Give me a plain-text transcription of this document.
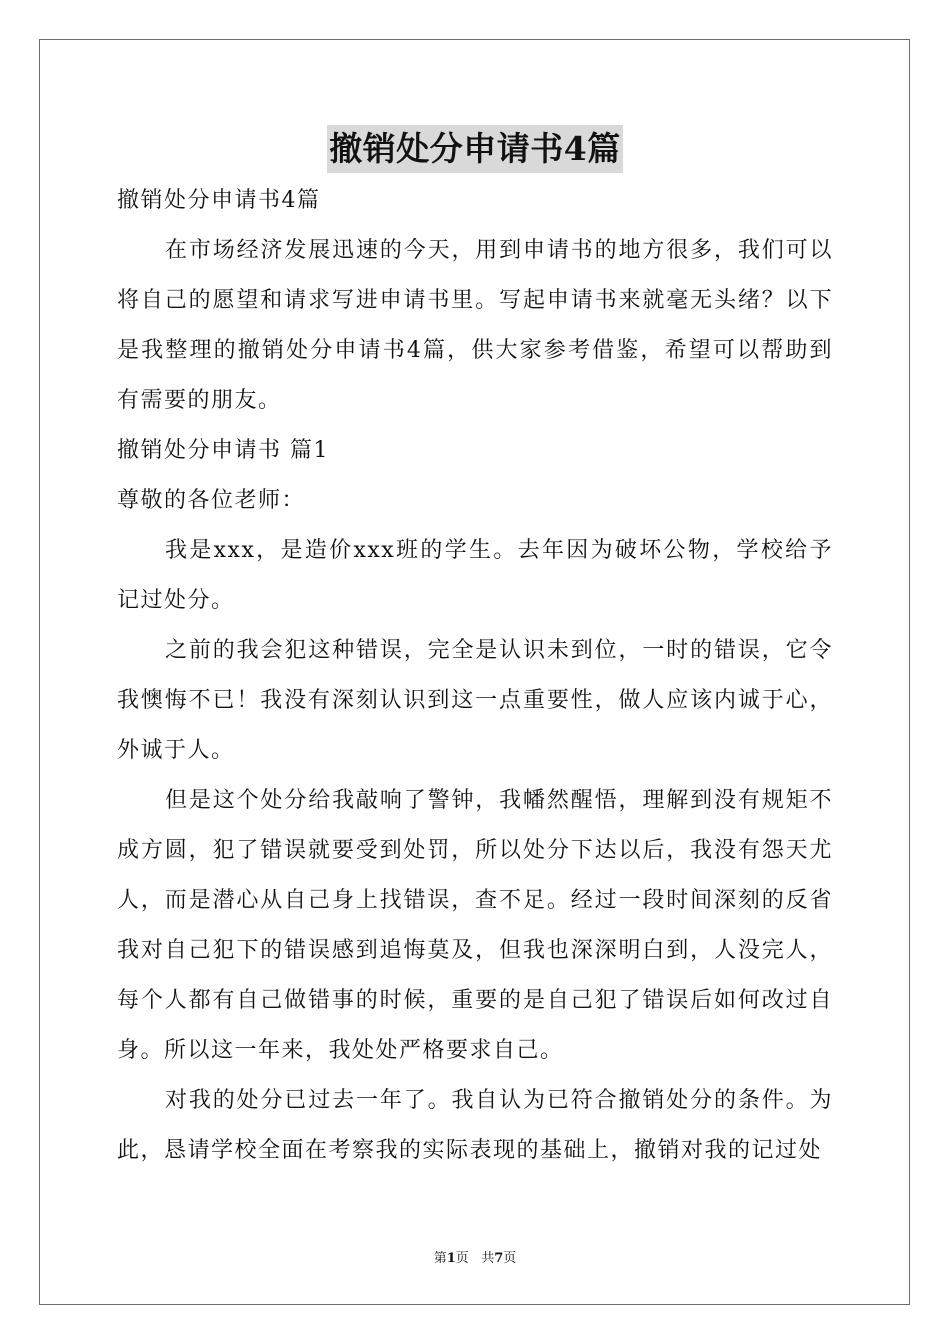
撤销处分申请书4篇

撤销处分申请书4篇

在市场经济发展迅速的今天，用到申请书的地方很多，我们可以将自己的愿望和请求写进申请书里。写起申请书来就毫无头绪？以下是我整理的撤销处分申请书4篇，供大家参考借鉴，希望可以帮助到有需要的朋友。

撤销处分申请书 篇1

尊敬的各位老师：

我是xxx，是造价xxx班的学生。去年因为破坏公物，学校给予记过处分。

之前的我会犯这种错误，完全是认识未到位，一时的错误，它令我懊悔不已！我没有深刻认识到这一点重要性，做人应该内诚于心，外诚于人。

但是这个处分给我敲响了警钟，我幡然醒悟，理解到没有规矩不成方圆，犯了错误就要受到处罚，所以处分下达以后，我没有怨天尤人，而是潜心从自己身上找错误，查不足。经过一段时间深刻的反省我对自己犯下的错误感到追悔莫及，但我也深深明白到，人没完人，每个人都有自己做错事的时候，重要的是自己犯了错误后如何改过自身。所以这一年来，我处处严格要求自己。

对我的处分已过去一年了。我自认为已符合撤销处分的条件。为此，恳请学校全面在考察我的实际表现的基础上，撤销对我的记过处

第1页 共7页
